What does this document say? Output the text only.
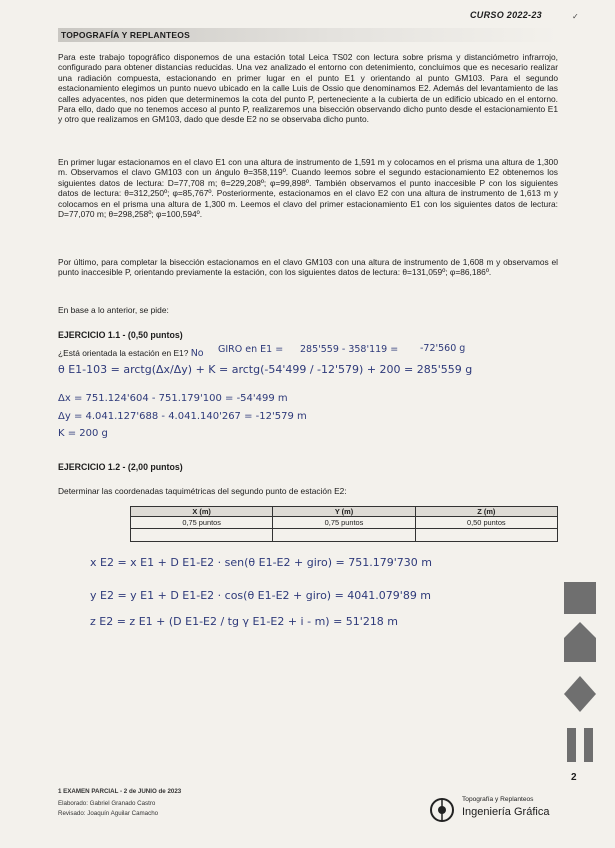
CURSO 2022-23	✓
TOPOGRAFÍA Y REPLANTEOS

Para este trabajo topográfico disponemos de una estación total Leica TS02 con lectura sobre prisma y distanciómetro infrarrojo, configurado para obtener distancias reducidas. Una vez analizado el entorno con detenimiento, concluimos que es necesario realizar una radiación compuesta, estacionando en primer lugar en el punto E1 y orientando al punto GM103. Para el segundo estacionamiento elegimos un punto nuevo ubicado en la calle Luis de Ossio que denominamos E2. Además del levantamiento de las calles adyacentes, nos piden que determinemos la cota del punto P, perteneciente a la cubierta de un edificio ubicado en el entorno. Para ello, dado que no tenemos acceso al punto P, realizaremos una bisección observando dicho punto desde el estacionamiento E1 y otro que realizamos en GM103, dado que desde E2 no se observaba dicho punto.

En primer lugar estacionamos en el clavo E1 con una altura de instrumento de 1,591 m y colocamos en el prisma una altura de 1,300 m. Observamos el clavo GM103 con un ángulo θ=358,119º. Cuando leemos sobre el segundo estacionamiento E2 obtenemos los siguientes datos de lectura: D=77,708 m; θ=229,208º; φ=99,898º. También observamos el punto inaccesible P con los siguientes datos de lectura: θ=312,250º; φ=85,767º. Posteriormente, estacionamos en el clavo E2 con una altura de instrumento de 1,613 m y colocamos en el prisma una altura de 1,300 m. Leemos el clavo del primer estacionamiento E1 con los siguientes datos de lectura: D=77,070 m; θ=298,258º; φ=100,594º.

Por último, para completar la bisección estacionamos en el clavo GM103 con una altura de instrumento de 1,608 m y observamos el punto inaccesible P, orientando previamente la estación, con los siguientes datos de lectura: θ=131,059º; φ=86,186º.

En base a lo anterior, se pide:

EJERCICIO 1.1 - (0,50 puntos)
¿Está orientada la estación en E1? No GIRO en E1 = 285'559 - 358'119 = -72'560 g
θ E1-103 = arctg(Δx/Δy) + K = arctg(-54'499 / -12'579) + 200 = 285'559 g
Δx = 751.124'604 - 751.179'100 = -54'499 m
Δy = 4.041.127'688 - 4.041.140'267 = -12'579 m
K = 200 g
EJERCICIO 1.2 - (2,00 puntos)
Determinar las coordenadas taquimétricas del segundo punto de estación E2:
X (m)	Y (m)	Z (m)
0,75 puntos	0,75 puntos	0,50 puntos

x E2 = x E1 + D E1-E2 · sen(θ E1-E2 + giro) = 751.179'730 m
y E2 = y E1 + D E1-E2 · cos(θ E1-E2 + giro) = 4041.079'89 m
z E2 = z E1 + (D E1-E2 / tg γ E1-E2 + i - m) = 51'218 m
2
1 EXAMEN PARCIAL - 2 de JUNIO de 2023
Elaborado: Gabriel Granado Castro
Revisado: Joaquín Aguilar Camacho
Topografía y Replanteos
Ingeniería Gráfica
